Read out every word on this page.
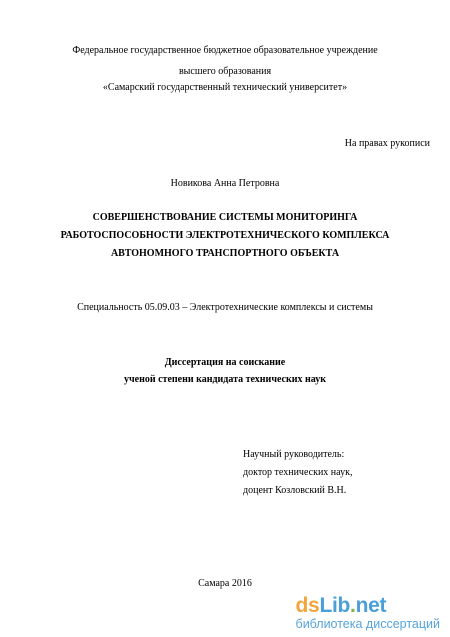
Федеральное государственное бюджетное образовательное учреждение
высшего образования
«Самарский государственный технический университет»
На правах рукописи
Новикова Анна Петровна
СОВЕРШЕНСТВОВАНИЕ СИСТЕМЫ МОНИТОРИНГА
РАБОТОСПОСОБНОСТИ ЭЛЕКТРОТЕХНИЧЕСКОГО КОМПЛЕКСА
АВТОНОМНОГО ТРАНСПОРТНОГО ОБЪЕКТА
Специальность 05.09.03 – Электротехнические комплексы и системы
Диссертация на соискание
ученой степени кандидата технических наук
Научный руководитель:
доктор технических наук,
доцент Козловский В.Н.
Самара 2016
dsLib.net
библиотека диссертаций
